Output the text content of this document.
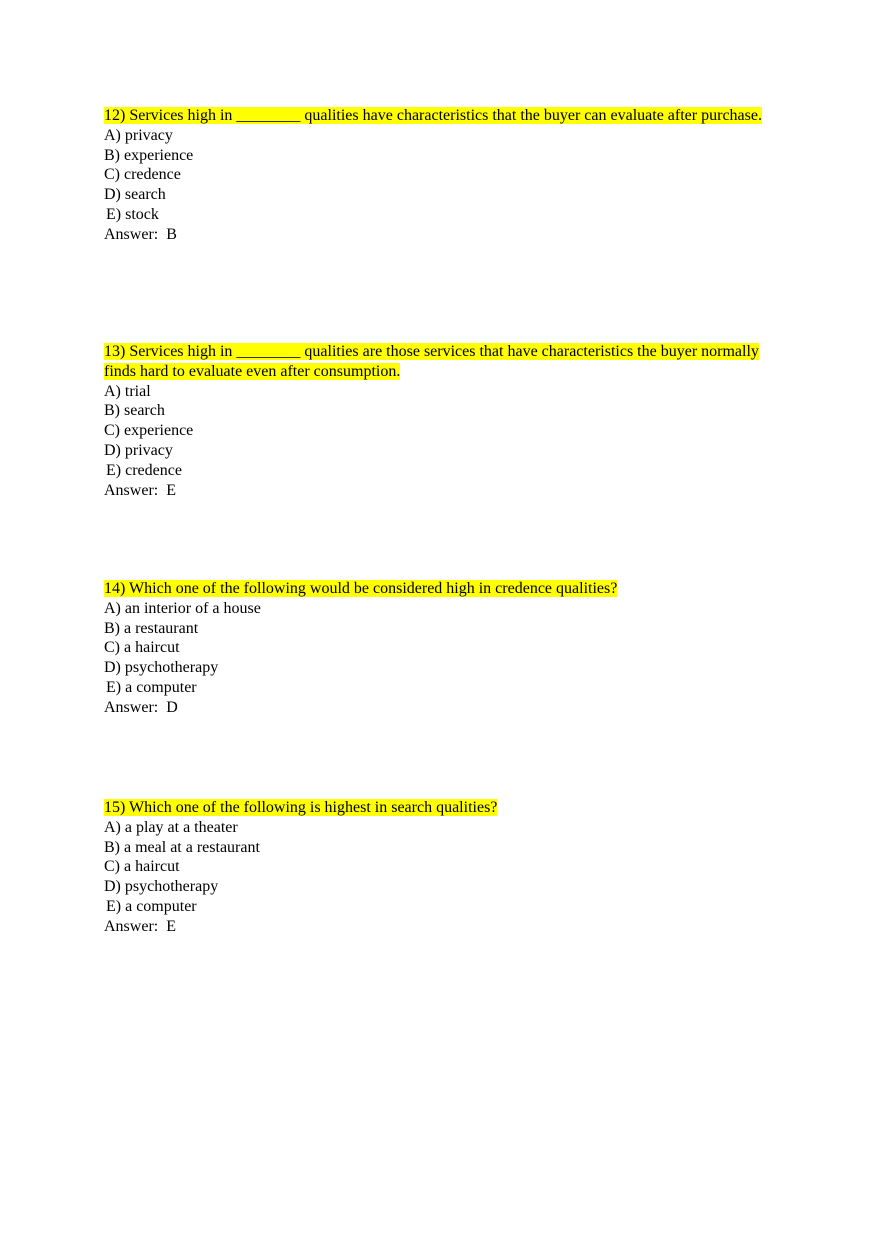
12) Services high in ________ qualities have characteristics that the buyer can evaluate after purchase.

A) privacy

B) experience

C) credence

D) search

E) stock

Answer:  B

13) Services high in ________ qualities are those services that have characteristics the buyer normally finds hard to evaluate even after consumption.

A) trial

B) search

C) experience

D) privacy

E) credence

Answer:  E

14) Which one of the following would be considered high in credence qualities?

A) an interior of a house

B) a restaurant

C) a haircut

D) psychotherapy

E) a computer

Answer:  D

15) Which one of the following is highest in search qualities?

A) a play at a theater

B) a meal at a restaurant

C) a haircut

D) psychotherapy

E) a computer

Answer:  E
